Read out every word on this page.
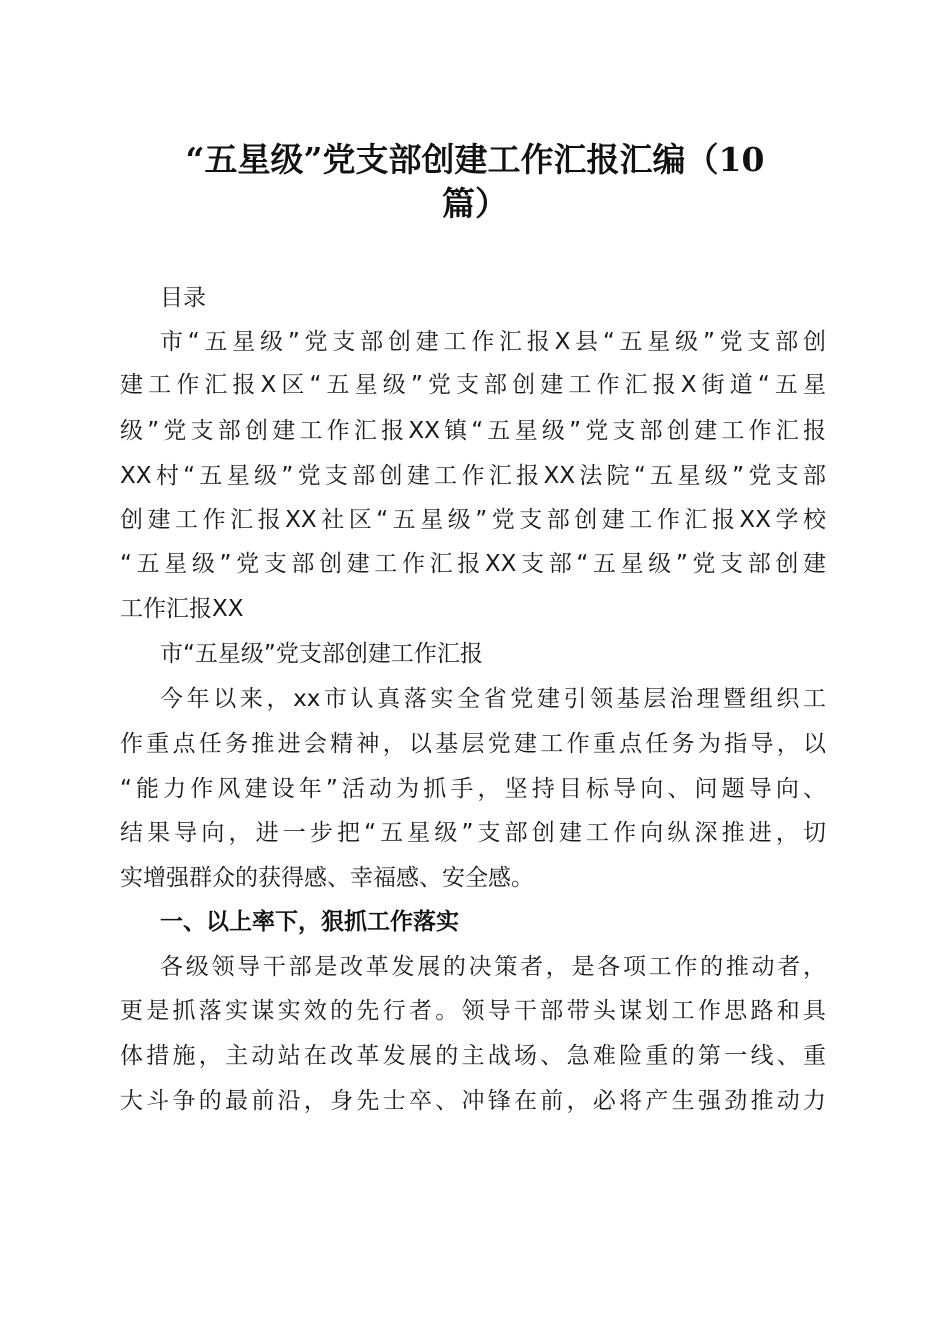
“五星级”党支部创建工作汇报汇编（10
篇）
目录
市“五星级”党支部创建工作汇报X县“五星级”党支部创
建工作汇报X区“五星级”党支部创建工作汇报X街道“五星
级”党支部创建工作汇报XX镇“五星级”党支部创建工作汇报
XX村“五星级”党支部创建工作汇报XX法院“五星级”党支部
创建工作汇报XX社区“五星级”党支部创建工作汇报XX学校
“五星级”党支部创建工作汇报XX支部“五星级”党支部创建
工作汇报XX
市“五星级”党支部创建工作汇报
今年以来，xx市认真落实全省党建引领基层治理暨组织工
作重点任务推进会精神，以基层党建工作重点任务为指导，以
“能力作风建设年”活动为抓手，坚持目标导向、问题导向、
结果导向，进一步把“五星级”支部创建工作向纵深推进，切
实增强群众的获得感、幸福感、安全感。
一、以上率下，狠抓工作落实
各级领导干部是改革发展的决策者，是各项工作的推动者，
更是抓落实谋实效的先行者。领导干部带头谋划工作思路和具
体措施，主动站在改革发展的主战场、急难险重的第一线、重
大斗争的最前沿，身先士卒、冲锋在前，必将产生强劲推动力
